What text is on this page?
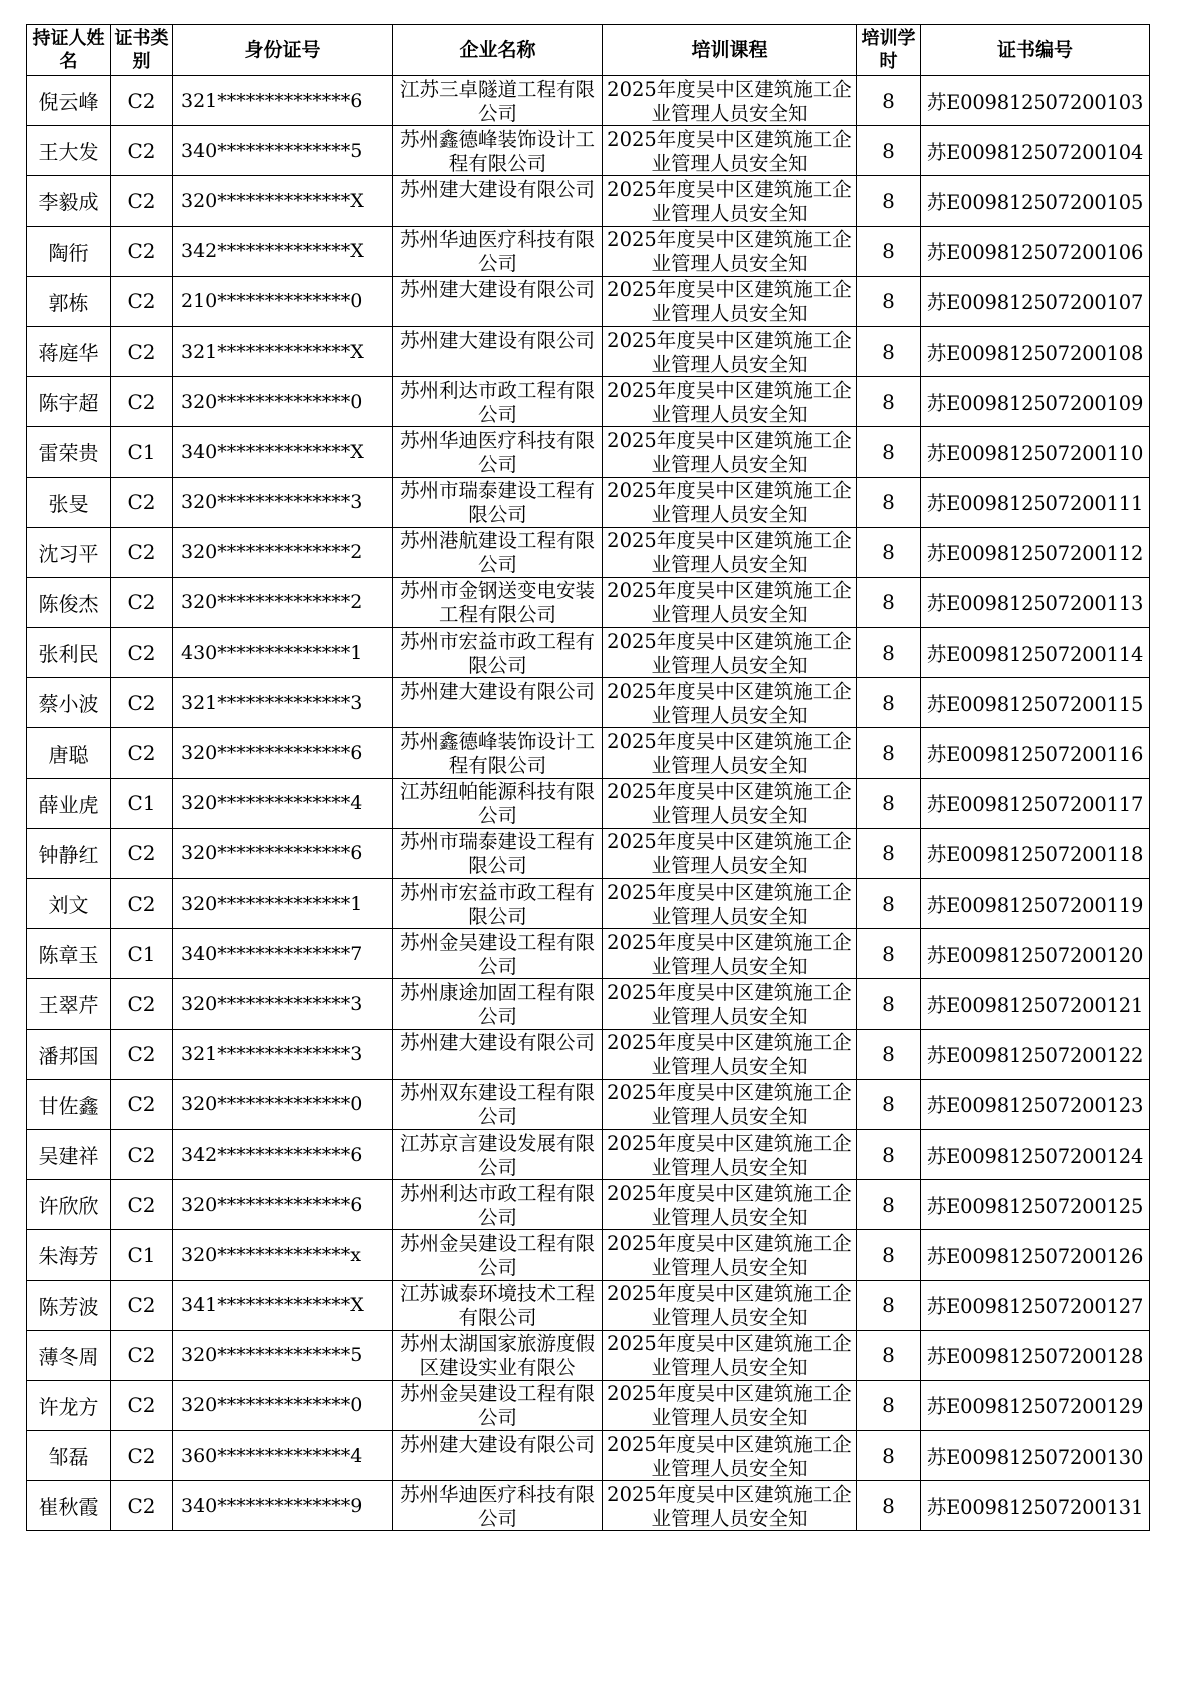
持证人姓名	证书类别	身份证号	企业名称	培训课程	培训学时	证书编号
倪云峰	C2	321**************6	江苏三卓隧道工程有限公司	2025年度吴中区建筑施工企业管理人员安全知	8	苏E009812507200103
王大发	C2	340**************5	苏州鑫德峰装饰设计工程有限公司	2025年度吴中区建筑施工企业管理人员安全知	8	苏E009812507200104
李毅成	C2	320**************X	苏州建大建设有限公司	2025年度吴中区建筑施工企业管理人员安全知	8	苏E009812507200105
陶衎	C2	342**************X	苏州华迪医疗科技有限公司	2025年度吴中区建筑施工企业管理人员安全知	8	苏E009812507200106
郭栋	C2	210**************0	苏州建大建设有限公司	2025年度吴中区建筑施工企业管理人员安全知	8	苏E009812507200107
蒋庭华	C2	321**************X	苏州建大建设有限公司	2025年度吴中区建筑施工企业管理人员安全知	8	苏E009812507200108
陈宇超	C2	320**************0	苏州利达市政工程有限公司	2025年度吴中区建筑施工企业管理人员安全知	8	苏E009812507200109
雷荣贵	C1	340**************X	苏州华迪医疗科技有限公司	2025年度吴中区建筑施工企业管理人员安全知	8	苏E009812507200110
张旻	C2	320**************3	苏州市瑞泰建设工程有限公司	2025年度吴中区建筑施工企业管理人员安全知	8	苏E009812507200111
沈习平	C2	320**************2	苏州港航建设工程有限公司	2025年度吴中区建筑施工企业管理人员安全知	8	苏E009812507200112
陈俊杰	C2	320**************2	苏州市金钢送变电安装工程有限公司	2025年度吴中区建筑施工企业管理人员安全知	8	苏E009812507200113
张利民	C2	430**************1	苏州市宏益市政工程有限公司	2025年度吴中区建筑施工企业管理人员安全知	8	苏E009812507200114
蔡小波	C2	321**************3	苏州建大建设有限公司	2025年度吴中区建筑施工企业管理人员安全知	8	苏E009812507200115
唐聪	C2	320**************6	苏州鑫德峰装饰设计工程有限公司	2025年度吴中区建筑施工企业管理人员安全知	8	苏E009812507200116
薛业虎	C1	320**************4	江苏纽帕能源科技有限公司	2025年度吴中区建筑施工企业管理人员安全知	8	苏E009812507200117
钟静红	C2	320**************6	苏州市瑞泰建设工程有限公司	2025年度吴中区建筑施工企业管理人员安全知	8	苏E009812507200118
刘文	C2	320**************1	苏州市宏益市政工程有限公司	2025年度吴中区建筑施工企业管理人员安全知	8	苏E009812507200119
陈章玉	C1	340**************7	苏州金吴建设工程有限公司	2025年度吴中区建筑施工企业管理人员安全知	8	苏E009812507200120
王翠芹	C2	320**************3	苏州康途加固工程有限公司	2025年度吴中区建筑施工企业管理人员安全知	8	苏E009812507200121
潘邦国	C2	321**************3	苏州建大建设有限公司	2025年度吴中区建筑施工企业管理人员安全知	8	苏E009812507200122
甘佐鑫	C2	320**************0	苏州双东建设工程有限公司	2025年度吴中区建筑施工企业管理人员安全知	8	苏E009812507200123
吴建祥	C2	342**************6	江苏京言建设发展有限公司	2025年度吴中区建筑施工企业管理人员安全知	8	苏E009812507200124
许欣欣	C2	320**************6	苏州利达市政工程有限公司	2025年度吴中区建筑施工企业管理人员安全知	8	苏E009812507200125
朱海芳	C1	320**************x	苏州金吴建设工程有限公司	2025年度吴中区建筑施工企业管理人员安全知	8	苏E009812507200126
陈芳波	C2	341**************X	江苏诚泰环境技术工程有限公司	2025年度吴中区建筑施工企业管理人员安全知	8	苏E009812507200127
薄冬周	C2	320**************5	苏州太湖国家旅游度假区建设实业有限公	2025年度吴中区建筑施工企业管理人员安全知	8	苏E009812507200128
许龙方	C2	320**************0	苏州金吴建设工程有限公司	2025年度吴中区建筑施工企业管理人员安全知	8	苏E009812507200129
邹磊	C2	360**************4	苏州建大建设有限公司	2025年度吴中区建筑施工企业管理人员安全知	8	苏E009812507200130
崔秋霞	C2	340**************9	苏州华迪医疗科技有限公司	2025年度吴中区建筑施工企业管理人员安全知	8	苏E009812507200131
